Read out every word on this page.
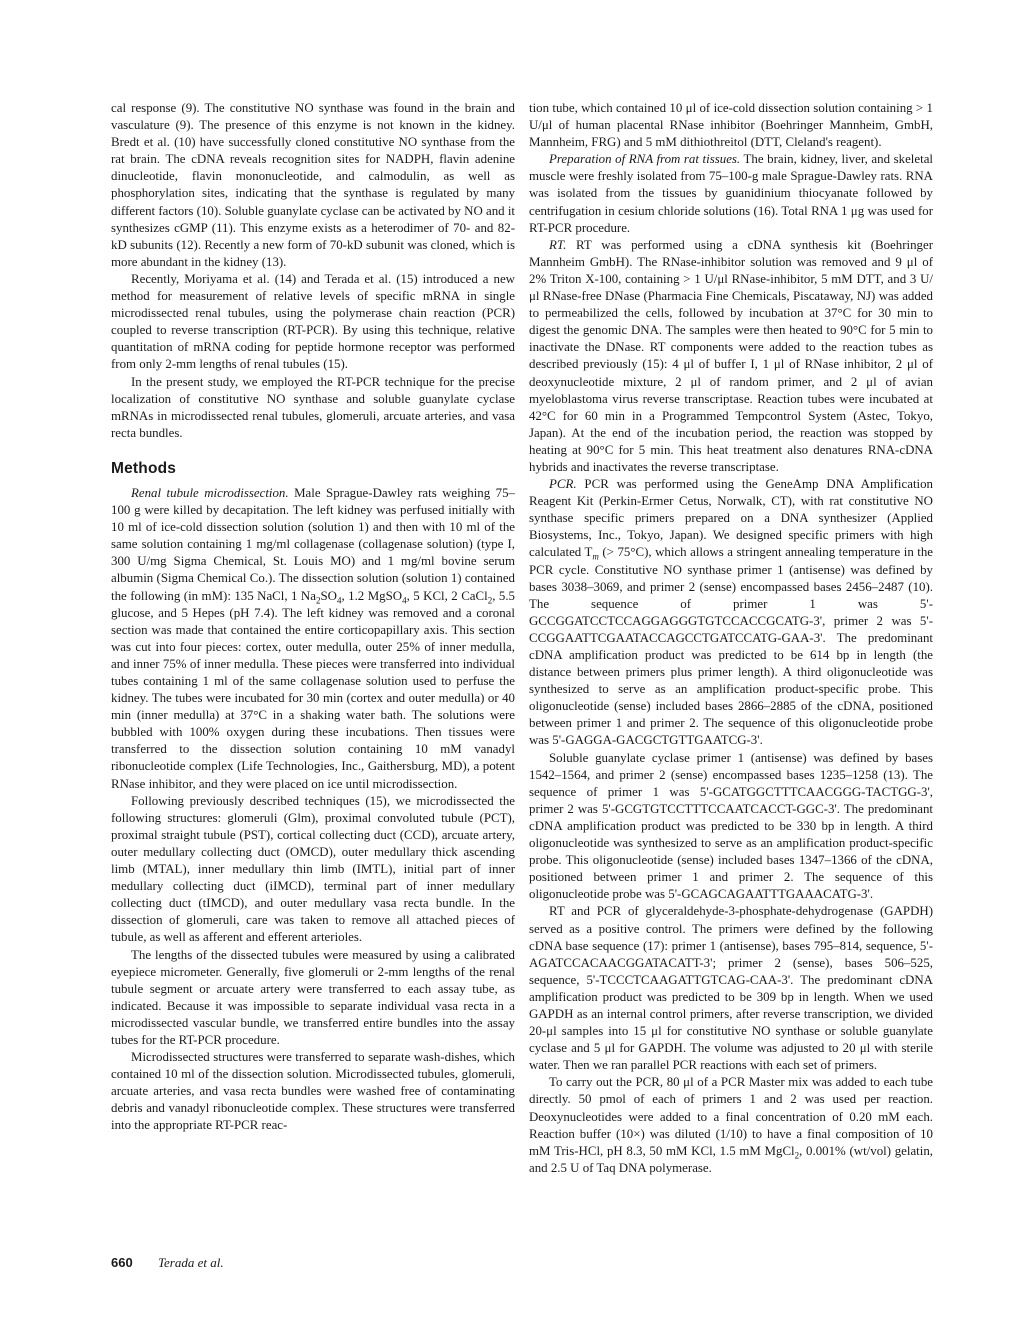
cal response (9). The constitutive NO synthase was found in the brain and vasculature (9). The presence of this enzyme is not known in the kidney. Bredt et al. (10) have successfully cloned constitutive NO synthase from the rat brain. The cDNA reveals recognition sites for NADPH, flavin adenine dinucleotide, flavin mononucleotide, and calmodulin, as well as phosphorylation sites, indicating that the synthase is regulated by many different factors (10). Soluble guanylate cyclase can be activated by NO and it synthesizes cGMP (11). This enzyme exists as a heterodimer of 70- and 82-kD subunits (12). Recently a new form of 70-kD subunit was cloned, which is more abundant in the kidney (13).

Recently, Moriyama et al. (14) and Terada et al. (15) introduced a new method for measurement of relative levels of specific mRNA in single microdissected renal tubules, using the polymerase chain reaction (PCR) coupled to reverse transcription (RT-PCR). By using this technique, relative quantitation of mRNA coding for peptide hormone receptor was performed from only 2-mm lengths of renal tubules (15).

In the present study, we employed the RT-PCR technique for the precise localization of constitutive NO synthase and soluble guanylate cyclase mRNAs in microdissected renal tubules, glomeruli, arcuate arteries, and vasa recta bundles.

Methods

Renal tubule microdissection. Male Sprague-Dawley rats weighing 75–100 g were killed by decapitation. The left kidney was perfused initially with 10 ml of ice-cold dissection solution (solution 1) and then with 10 ml of the same solution containing 1 mg/ml collagenase (collagenase solution) (type I, 300 U/mg Sigma Chemical, St. Louis MO) and 1 mg/ml bovine serum albumin (Sigma Chemical Co.). The dissection solution (solution 1) contained the following (in mM): 135 NaCl, 1 $Na_2SO_4$, 1.2 MgSO$_4$, 5 KCl, 2 CaCl$_2$, 5.5 glucose, and 5 Hepes (pH 7.4). The left kidney was removed and a coronal section was made that contained the entire corticopapillary axis. This section was cut into four pieces: cortex, outer medulla, outer 25% of inner medulla, and inner 75% of inner medulla. These pieces were transferred into individual tubes containing 1 ml of the same collagenase solution used to perfuse the kidney. The tubes were incubated for 30 min (cortex and outer medulla) or 40 min (inner medulla) at 37°C in a shaking water bath. The solutions were bubbled with 100% oxygen during these incubations. Then tissues were transferred to the dissection solution containing 10 mM vanadyl ribonucleotide complex (Life Technologies, Inc., Gaithersburg, MD), a potent RNase inhibitor, and they were placed on ice until microdissection.

Following previously described techniques (15), we microdissected the following structures: glomeruli (Glm), proximal convoluted tubule (PCT), proximal straight tubule (PST), cortical collecting duct (CCD), arcuate artery, outer medullary collecting duct (OMCD), outer medullary thick ascending limb (MTAL), inner medullary thin limb (IMTL), initial part of inner medullary collecting duct (iIMCD), terminal part of inner medullary collecting duct (tIMCD), and outer medullary vasa recta bundle. In the dissection of glomeruli, care was taken to remove all attached pieces of tubule, as well as afferent and efferent arterioles.

The lengths of the dissected tubules were measured by using a calibrated eyepiece micrometer. Generally, five glomeruli or 2-mm lengths of the renal tubule segment or arcuate artery were transferred to each assay tube, as indicated. Because it was impossible to separate individual vasa recta in a microdissected vascular bundle, we transferred entire bundles into the assay tubes for the RT-PCR procedure.

Microdissected structures were transferred to separate wash-dishes, which contained 10 ml of the dissection solution. Microdissected tubules, glomeruli, arcuate arteries, and vasa recta bundles were washed free of contaminating debris and vanadyl ribonucleotide complex. These structures were transferred into the appropriate RT-PCR reac-

tion tube, which contained 10 μl of ice-cold dissection solution containing > 1 U/μl of human placental RNase inhibitor (Boehringer Mannheim, GmbH, Mannheim, FRG) and 5 mM dithiothreitol (DTT, Cleland's reagent).

Preparation of RNA from rat tissues. The brain, kidney, liver, and skeletal muscle were freshly isolated from 75–100-g male Sprague-Dawley rats. RNA was isolated from the tissues by guanidinium thiocyanate followed by centrifugation in cesium chloride solutions (16). Total RNA 1 μg was used for RT-PCR procedure.

RT. RT was performed using a cDNA synthesis kit (Boehringer Mannheim GmbH). The RNase-inhibitor solution was removed and 9 μl of 2% Triton X-100, containing > 1 U/μl RNase-inhibitor, 5 mM DTT, and 3 U/μl RNase-free DNase (Pharmacia Fine Chemicals, Piscataway, NJ) was added to permeabilized the cells, followed by incubation at 37°C for 30 min to digest the genomic DNA. The samples were then heated to 90°C for 5 min to inactivate the DNase. RT components were added to the reaction tubes as described previously (15): 4 μl of buffer I, 1 μl of RNase inhibitor, 2 μl of deoxynucleotide mixture, 2 μl of random primer, and 2 μl of avian myeloblastoma virus reverse transcriptase. Reaction tubes were incubated at 42°C for 60 min in a Programmed Tempcontrol System (Astec, Tokyo, Japan). At the end of the incubation period, the reaction was stopped by heating at 90°C for 5 min. This heat treatment also denatures RNA-cDNA hybrids and inactivates the reverse transcriptase.

PCR. PCR was performed using the GeneAmp DNA Amplification Reagent Kit (Perkin-Ermer Cetus, Norwalk, CT), with rat constitutive NO synthase specific primers prepared on a DNA synthesizer (Applied Biosystems, Inc., Tokyo, Japan). We designed specific primers with high calculated $T_m$ (> 75°C), which allows a stringent annealing temperature in the PCR cycle. Constitutive NO synthase primer 1 (antisense) was defined by bases 3038–3069, and primer 2 (sense) encompassed bases 2456–2487 (10). The sequence of primer 1 was 5'-GCCGGATCCTCCAGGAGGGTGTCCACCGCATG-3', primer 2 was 5'-CCGGAATTCGAATACCAGCCTGATCCATG-GAA-3'. The predominant cDNA amplification product was predicted to be 614 bp in length (the distance between primers plus primer length). A third oligonucleotide was synthesized to serve as an amplification product-specific probe. This oligonucleotide (sense) included bases 2866–2885 of the cDNA, positioned between primer 1 and primer 2. The sequence of this oligonucleotide probe was 5'-GAGGA-GACGCTGTTGAATCG-3'.

Soluble guanylate cyclase primer 1 (antisense) was defined by bases 1542–1564, and primer 2 (sense) encompassed bases 1235–1258 (13). The sequence of primer 1 was 5'-GCATGGCTTTCAACGGG-TACTGG-3', primer 2 was 5'-GCGTGTCCTTTCCAATCACCT-GGC-3'. The predominant cDNA amplification product was predicted to be 330 bp in length. A third oligonucleotide was synthesized to serve as an amplification product-specific probe. This oligonucleotide (sense) included bases 1347–1366 of the cDNA, positioned between primer 1 and primer 2. The sequence of this oligonucleotide probe was 5'-GCAGCAGAATTTGAAACATG-3'.

RT and PCR of glyceraldehyde-3-phosphate-dehydrogenase (GAPDH) served as a positive control. The primers were defined by the following cDNA base sequence (17): primer 1 (antisense), bases 795–814, sequence, 5'-AGATCCACAACGGATACATT-3'; primer 2 (sense), bases 506–525, sequence, 5'-TCCCTCAAGATTGTCAG-CAA-3'. The predominant cDNA amplification product was predicted to be 309 bp in length. When we used GAPDH as an internal control primers, after reverse transcription, we divided 20-μl samples into 15 μl for constitutive NO synthase or soluble guanylate cyclase and 5 μl for GAPDH. The volume was adjusted to 20 μl with sterile water. Then we ran parallel PCR reactions with each set of primers.

To carry out the PCR, 80 μl of a PCR Master mix was added to each tube directly. 50 pmol of each of primers 1 and 2 was used per reaction. Deoxynucleotides were added to a final concentration of 0.20 mM each. Reaction buffer (10×) was diluted (1/10) to have a final composition of 10 mM Tris-HCl, pH 8.3, 50 mM KCl, 1.5 mM MgCl$_2$, 0.001% (wt/vol) gelatin, and 2.5 U of Taq DNA polymerase.

660 Terada et al.
